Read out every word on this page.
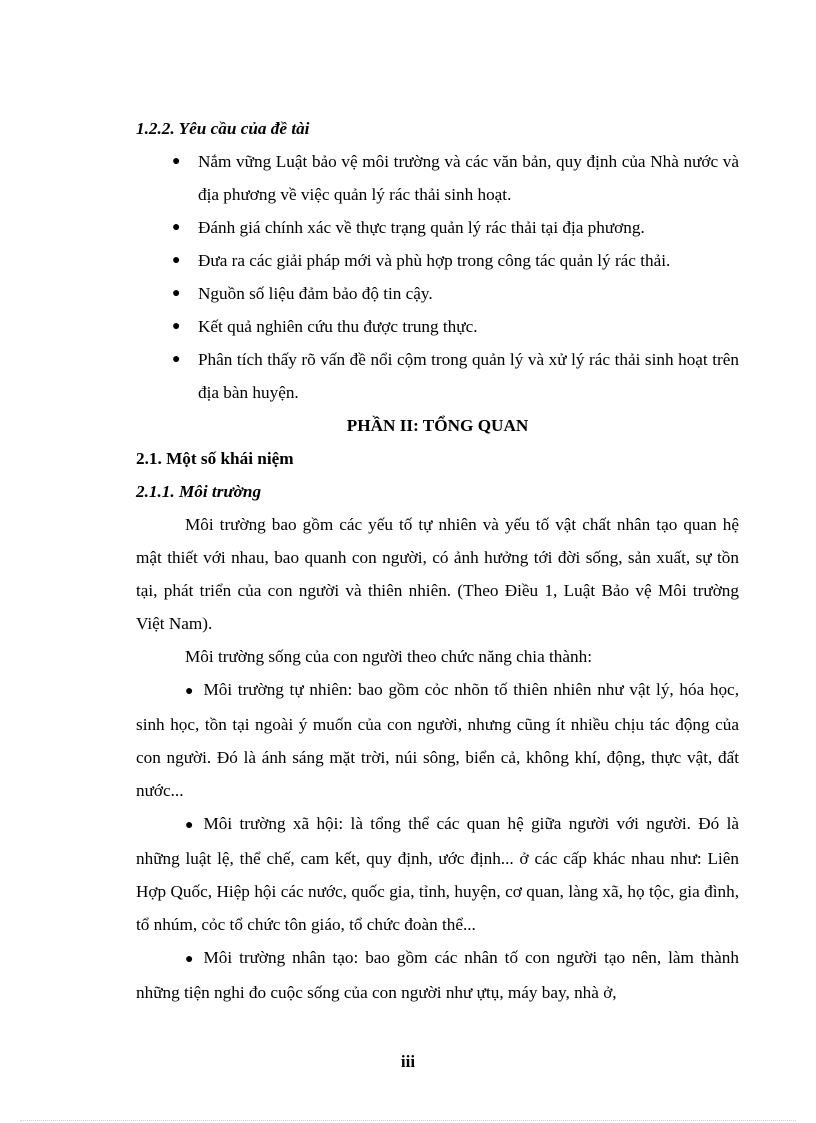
1.2.2. Yêu cầu của đề tài

● Nắm vững Luật bảo vệ môi trường và các văn bản, quy định của Nhà nước và địa phương về việc quản lý rác thải sinh hoạt.
● Đánh giá chính xác về thực trạng quản lý rác thải tại địa phương.
● Đưa ra các giải pháp mới và phù hợp trong công tác quản lý rác thải.
● Nguồn số liệu đảm bảo độ tin cậy.
● Kết quả nghiên cứu thu được trung thực.
● Phân tích thấy rõ vấn đề nổi cộm trong quản lý và xử lý rác thải sinh hoạt trên địa bàn huyện.

PHẦN II: TỔNG QUAN

2.1. Một số khái niệm

2.1.1. Môi trường

Môi trường bao gồm các yếu tố tự nhiên và yếu tố vật chất nhân tạo quan hệ mật thiết với nhau, bao quanh con người, có ảnh hưởng tới đời sống, sản xuất, sự tồn tại, phát triển của con người và thiên nhiên. (Theo Điều 1, Luật Bảo vệ Môi trường Việt Nam).

Môi trường sống của con người theo chức năng chia thành:

● Môi trường tự nhiên: bao gồm cỏc nhõn tố thiên nhiên như vật lý, hóa học, sinh học, tồn tại ngoài ý muốn của con người, nhưng cũng ít nhiều chịu tác động của con người. Đó là ánh sáng mặt trời, núi sông, biển cả, không khí, động, thực vật, đất nước...

● Môi trường xã hội: là tổng thể các quan hệ giữa người với người. Đó là những luật lệ, thể chế, cam kết, quy định, ước định... ở các cấp khác nhau như: Liên Hợp Quốc, Hiệp hội các nước, quốc gia, tỉnh, huyện, cơ quan, làng xã, họ tộc, gia đình, tổ nhúm, cỏc tổ chức tôn giáo, tổ chức đoàn thể...

● Môi trường nhân tạo: bao gồm các nhân tố con người tạo nên, làm thành những tiện nghi đo cuộc sống của con người như ựtụ, máy bay, nhà ở,

iii
